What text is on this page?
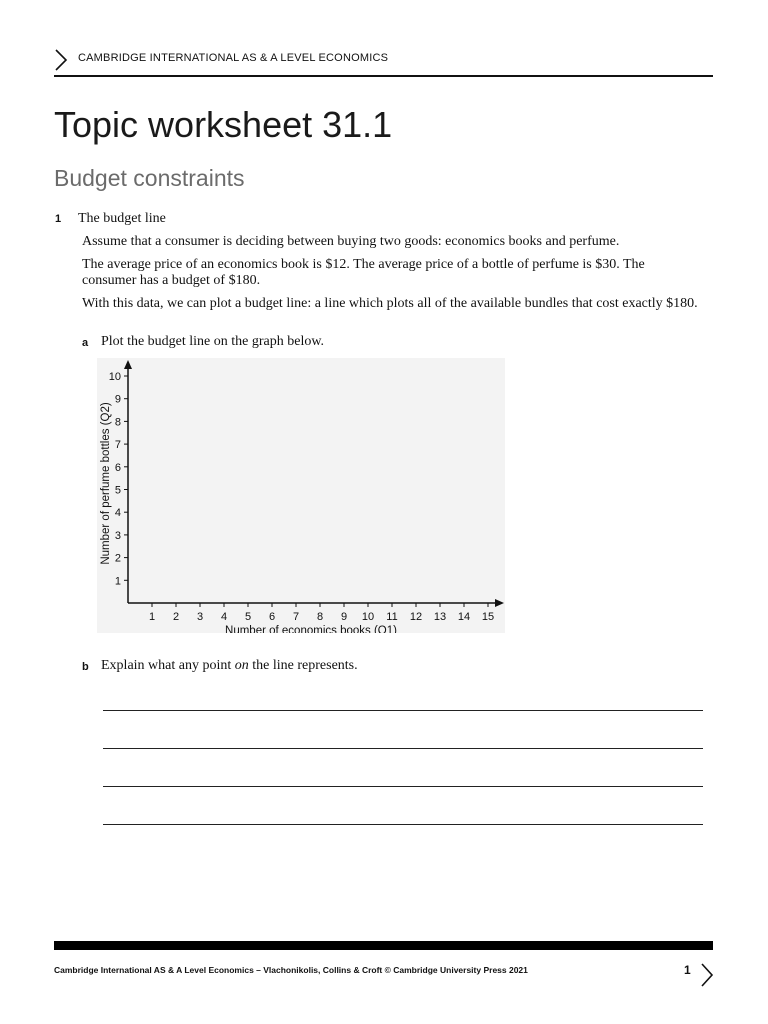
CAMBRIDGE INTERNATIONAL AS & A LEVEL ECONOMICS
Topic worksheet 31.1
Budget constraints
1 The budget line
Assume that a consumer is deciding between buying two goods: economics books and perfume.
The average price of an economics book is $12. The average price of a bottle of perfume is $30. The consumer has a budget of $180.
With this data, we can plot a budget line: a line which plots all of the available bundles that cost exactly $180.
a Plot the budget line on the graph below.
1 2 3 4 5 6 7 8 9 10 11 12 13 14 15
1
2
3
4
5
6
7
8
9
10
Number of economics books (Q1)
Number of perfume bottles (Q2)
b Explain what any point on the line represents.
Cambridge International AS & A Level Economics – Vlachonikolis, Collins & Croft © Cambridge University Press 2021	1
